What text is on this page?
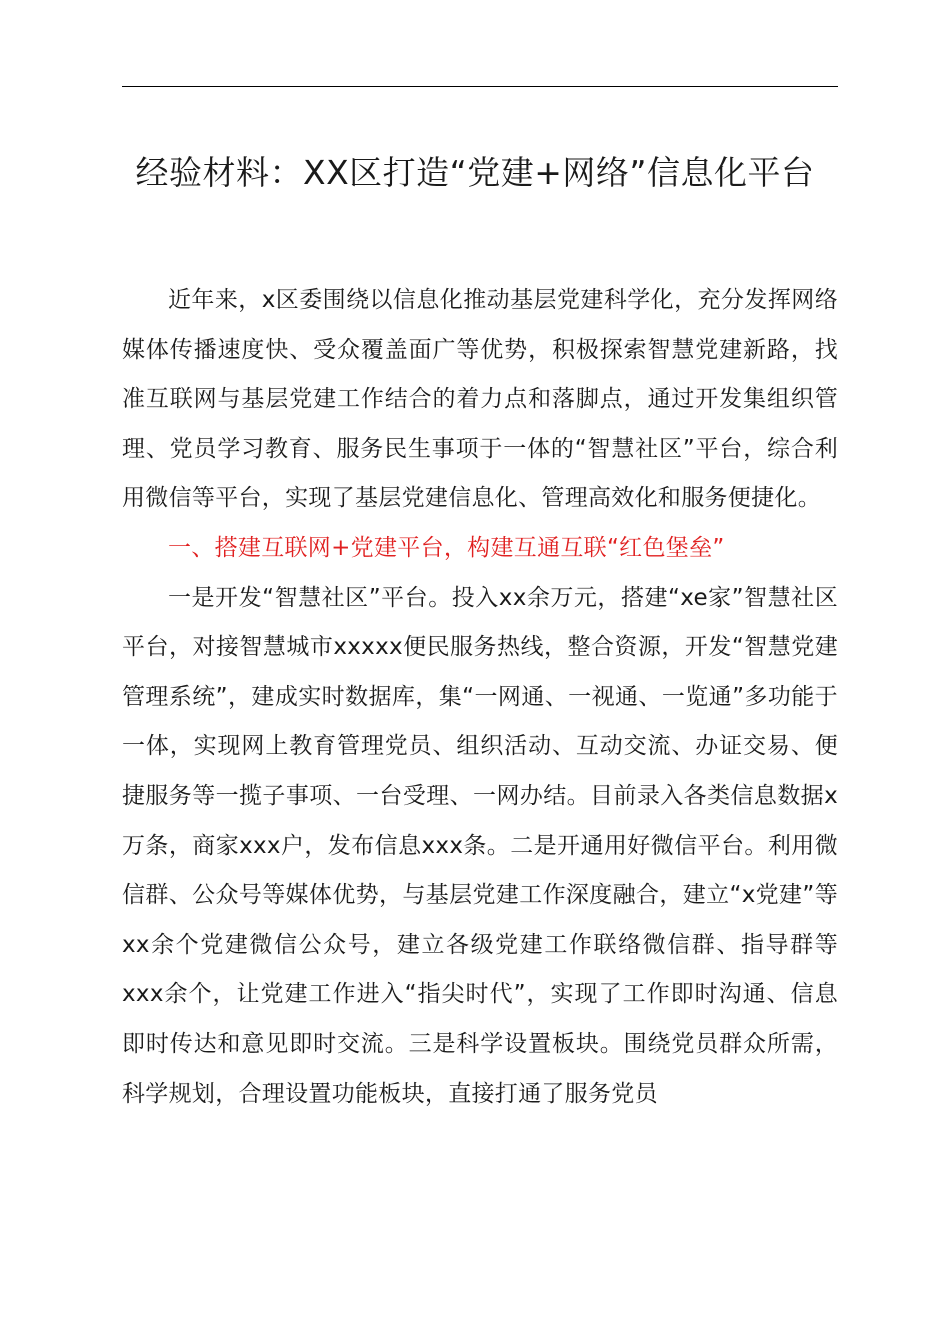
经验材料：XX区打造“党建+网络”信息化平台

近年来，x区委围绕以信息化推动基层党建科学化，充分发挥网络媒体传播速度快、受众覆盖面广等优势，积极探索智慧党建新路，找准互联网与基层党建工作结合的着力点和落脚点，通过开发集组织管理、党员学习教育、服务民生事项于一体的“智慧社区”平台，综合利用微信等平台，实现了基层党建信息化、管理高效化和服务便捷化。

一、搭建互联网+党建平台，构建互通互联“红色堡垒”

一是开发“智慧社区”平台。投入xx余万元，搭建“xe家”智慧社区平台，对接智慧城市xxxxx便民服务热线，整合资源，开发“智慧党建管理系统”，建成实时数据库，集“一网通、一视通、一览通”多功能于一体，实现网上教育管理党员、组织活动、互动交流、办证交易、便捷服务等一揽子事项、一台受理、一网办结。目前录入各类信息数据x万条，商家xxx户，发布信息xxx条。二是开通用好微信平台。利用微信群、公众号等媒体优势，与基层党建工作深度融合，建立“x党建”等xx余个党建微信公众号，建立各级党建工作联络微信群、指导群等xxx余个，让党建工作进入“指尖时代”，实现了工作即时沟通、信息即时传达和意见即时交流。三是科学设置板块。围绕党员群众所需，科学规划，合理设置功能板块，直接打通了服务党员
